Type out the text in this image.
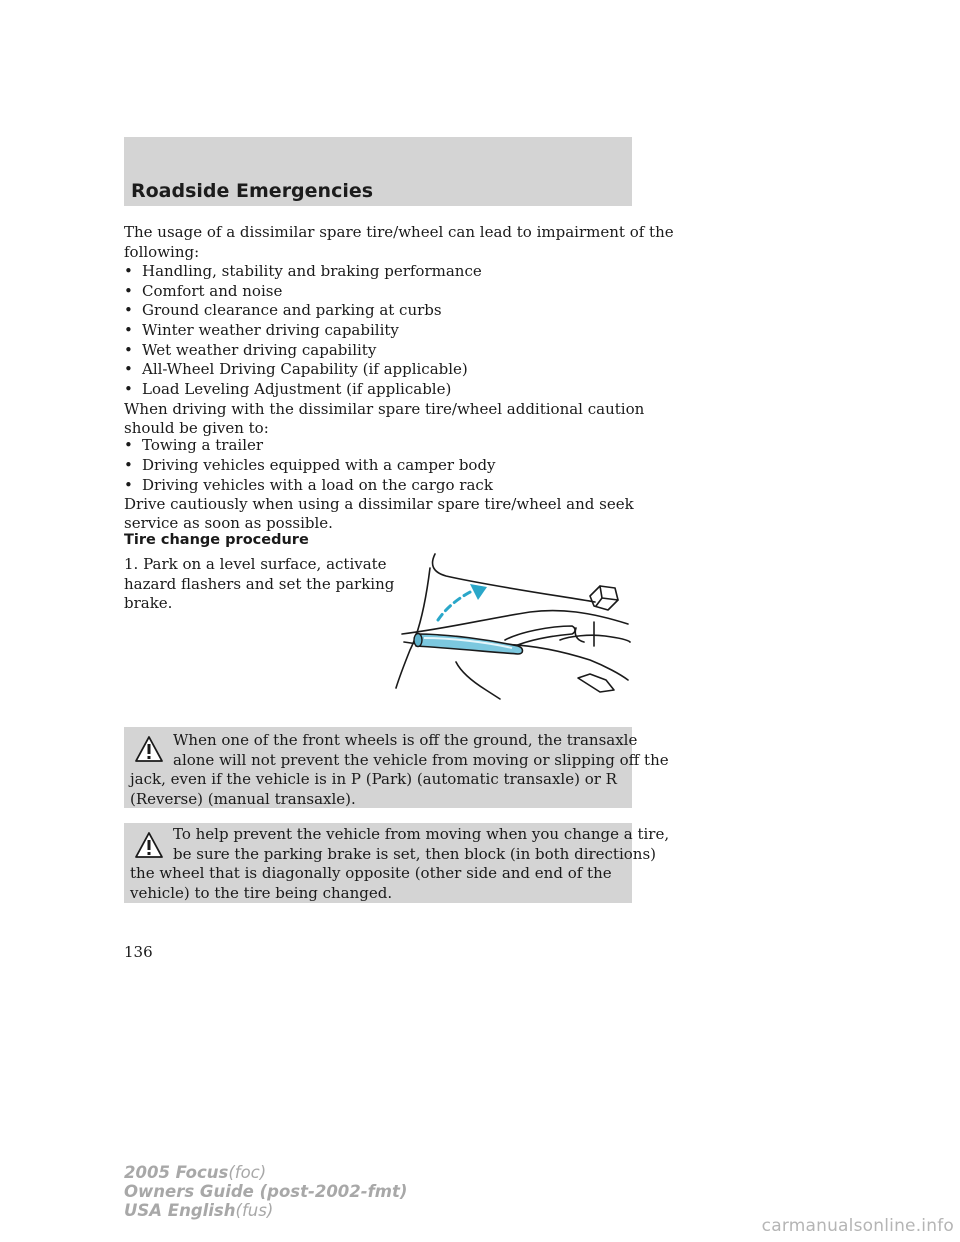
Roadside Emergencies
The usage of a dissimilar spare tire/wheel can lead to impairment of the
following:
• Handling, stability and braking performance
• Comfort and noise
• Ground clearance and parking at curbs
• Winter weather driving capability
• Wet weather driving capability
• All-Wheel Driving Capability (if applicable)
• Load Leveling Adjustment (if applicable)
When driving with the dissimilar spare tire/wheel additional caution
should be given to:
• Towing a trailer
• Driving vehicles equipped with a camper body
• Driving vehicles with a load on the cargo rack
Drive cautiously when using a dissimilar spare tire/wheel and seek
service as soon as possible.
Tire change procedure
1. Park on a level surface, activate
hazard flashers and set the parking
brake.
When one of the front wheels is off the ground, the transaxle
alone will not prevent the vehicle from moving or slipping off the
jack, even if the vehicle is in P (Park) (automatic transaxle) or R
(Reverse) (manual transaxle).
To help prevent the vehicle from moving when you change a tire,
be sure the parking brake is set, then block (in both directions)
the wheel that is diagonally opposite (other side and end of the
vehicle) to the tire being changed.
136
2005 Focus(foc)
Owners Guide (post-2002-fmt)
USA English(fus)
carmanualsonline.info
